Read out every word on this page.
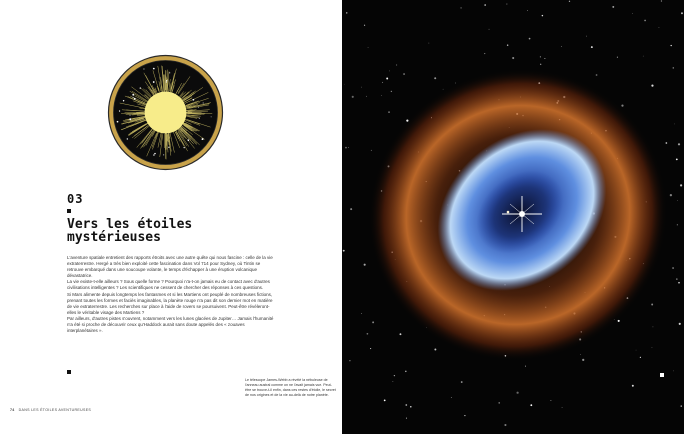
03
Vers les étoiles mystérieuses

L'aventure spatiale entretient des rapports étroits avec une autre quête qui nous fascine : celle de la vie extraterrestre. Hergé a très bien exploité cette fascination dans Vol 714 pour Sydney, où Tintin se retrouve embarqué dans une soucoupe volante, le temps d'échapper à une éruption volcanique dévastatrice.

La vie existe-t-elle ailleurs ? Sous quelle forme ? Pourquoi n'a-t-on jamais eu de contact avec d'autres civilisations intelligentes ? Les scientifiques ne cessent de chercher des réponses à ces questions.

Si Mars alimente depuis longtemps les fantasmes et si les Martiens ont peuplé de nombreuses fictions, prenant toutes les formes et faciès imaginables, la planète rouge n'a pas dit son dernier mot en matière de vie extraterrestre. Les recherches sur place à l'aide de rovers se poursuivent. Peut-être révéleront-elles le véritable visage des Martiens ?

Par ailleurs, d'autres pistes s'ouvrent, notamment vers les lunes glacées de Jupiter… Jamais l'humanité n'a été si proche de découvrir ceux qu'Haddock aurait sans doute appelés des « zouaves interplanétaires ».

Le télescope James-Webb a révélé la nébuleuse de l'anneau austral comme on ne l'avait jamais vue. Peut-être se trouve-t-il enfin, dans ces restes d'étoile, le secret de nos origines et de la vie au-delà de notre planète.
74 DANS LES ÉTOILES AVENTUREUSES
